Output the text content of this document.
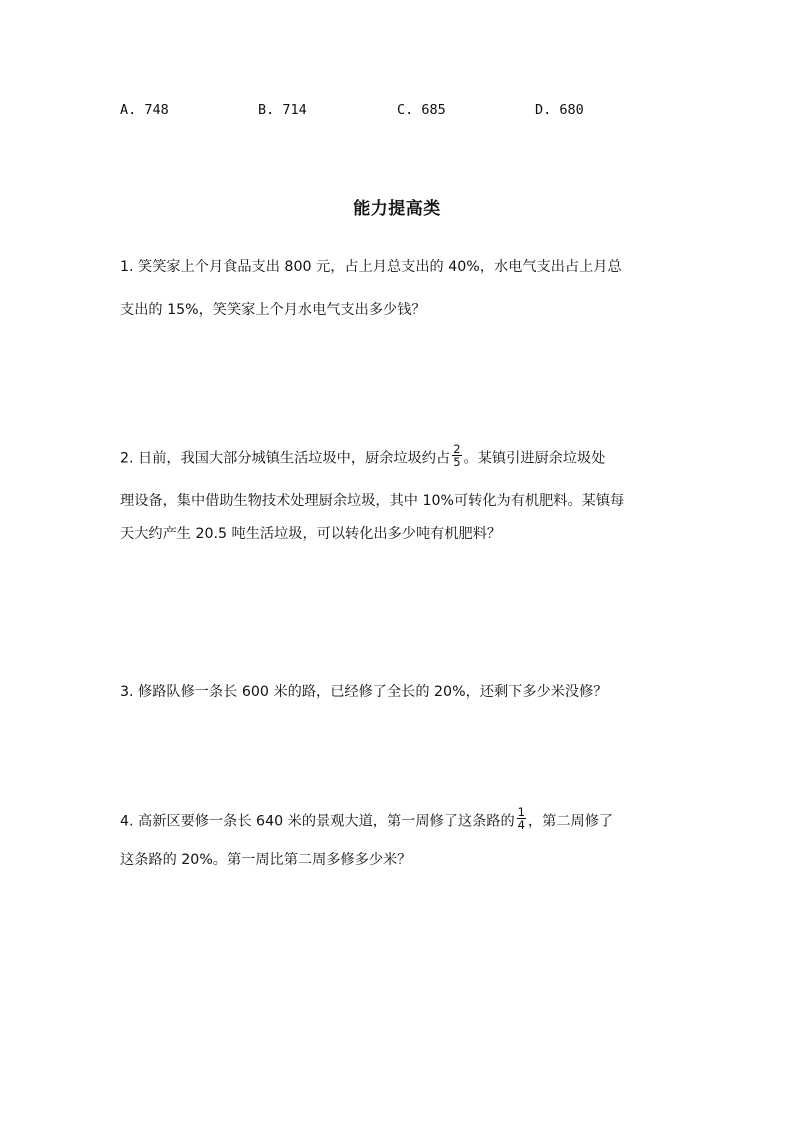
A. 748	B. 714	C. 685	D. 680
能力提高类
1. 笑笑家上个月食品支出 800 元，占上月总支出的 40%，水电气支出占上月总
支出的 15%，笑笑家上个月水电气支出多少钱？
2. 日前，我国大部分城镇生活垃圾中，厨余垃圾约占 $\frac{2}{5}$ 。某镇引进厨余垃圾处
理设备，集中借助生物技术处理厨余垃圾，其中 10%可转化为有机肥料。某镇每
天大约产生 20.5 吨生活垃圾，可以转化出多少吨有机肥料？
3. 修路队修一条长 600 米的路，已经修了全长的 20%，还剩下多少米没修？
4. 高新区要修一条长 640 米的景观大道，第一周修了这条路的 $\frac{1}{4}$ ，第二周修了
这条路的 20%。第一周比第二周多修多少米？
